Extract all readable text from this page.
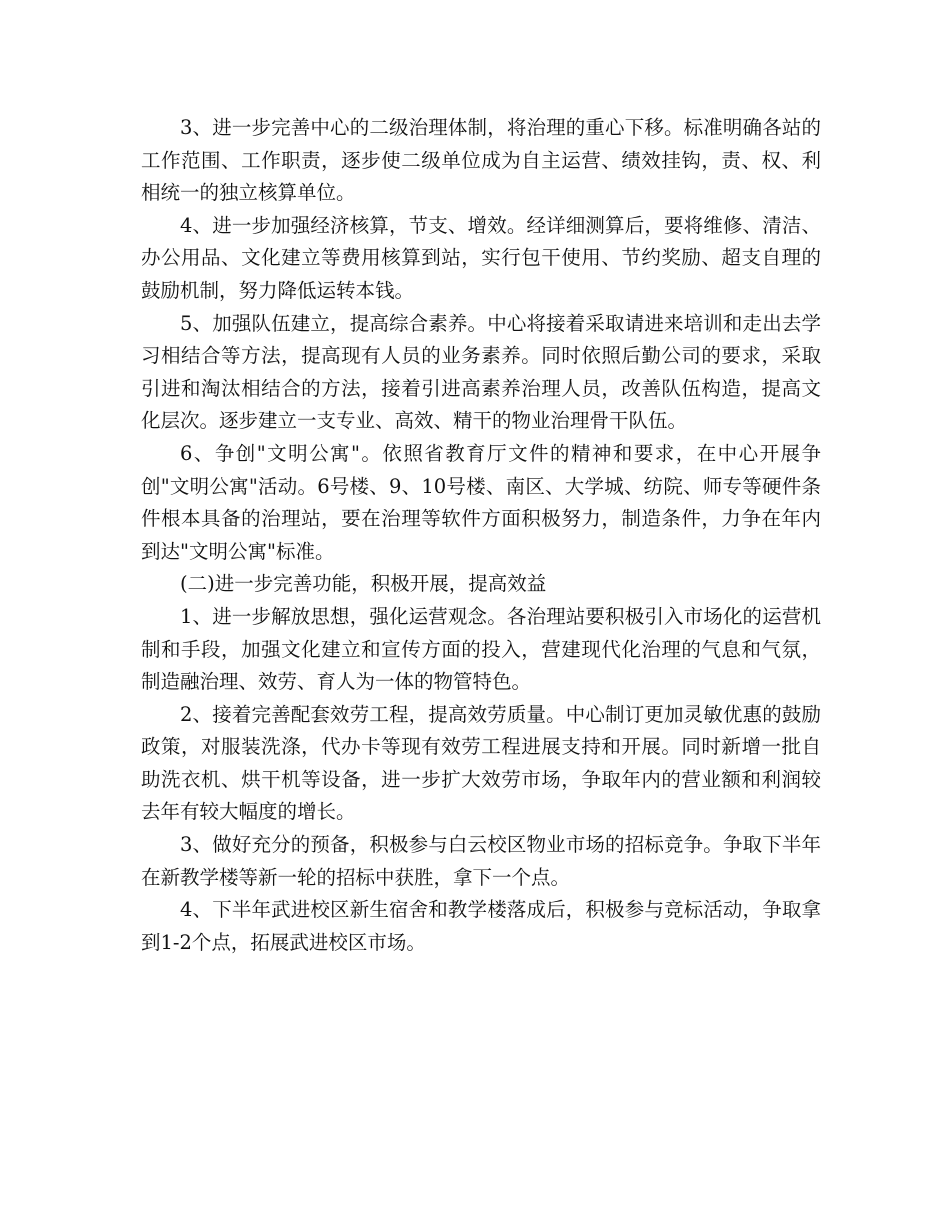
3、进一步完善中心的二级治理体制，将治理的重心下移。标准明确各站的工作范围、工作职责，逐步使二级单位成为自主运营、绩效挂钩，责、权、利相统一的独立核算单位。

4、进一步加强经济核算，节支、增效。经详细测算后，要将维修、清洁、办公用品、文化建立等费用核算到站，实行包干使用、节约奖励、超支自理的鼓励机制，努力降低运转本钱。

5、加强队伍建立，提高综合素养。中心将接着采取请进来培训和走出去学习相结合等方法，提高现有人员的业务素养。同时依照后勤公司的要求，采取引进和淘汰相结合的方法，接着引进高素养治理人员，改善队伍构造，提高文化层次。逐步建立一支专业、高效、精干的物业治理骨干队伍。

6、争创"文明公寓"。依照省教育厅文件的精神和要求，在中心开展争创"文明公寓"活动。6号楼、9、10号楼、南区、大学城、纺院、师专等硬件条件根本具备的治理站，要在治理等软件方面积极努力，制造条件，力争在年内到达"文明公寓"标准。

(二)进一步完善功能，积极开展，提高效益

1、进一步解放思想，强化运营观念。各治理站要积极引入市场化的运营机制和手段，加强文化建立和宣传方面的投入，营建现代化治理的气息和气氛，制造融治理、效劳、育人为一体的物管特色。

2、接着完善配套效劳工程，提高效劳质量。中心制订更加灵敏优惠的鼓励政策，对服装洗涤，代办卡等现有效劳工程进展支持和开展。同时新增一批自助洗衣机、烘干机等设备，进一步扩大效劳市场，争取年内的营业额和利润较去年有较大幅度的增长。

3、做好充分的预备，积极参与白云校区物业市场的招标竞争。争取下半年在新教学楼等新一轮的招标中获胜，拿下一个点。

4、下半年武进校区新生宿舍和教学楼落成后，积极参与竞标活动，争取拿到1-2个点，拓展武进校区市场。
